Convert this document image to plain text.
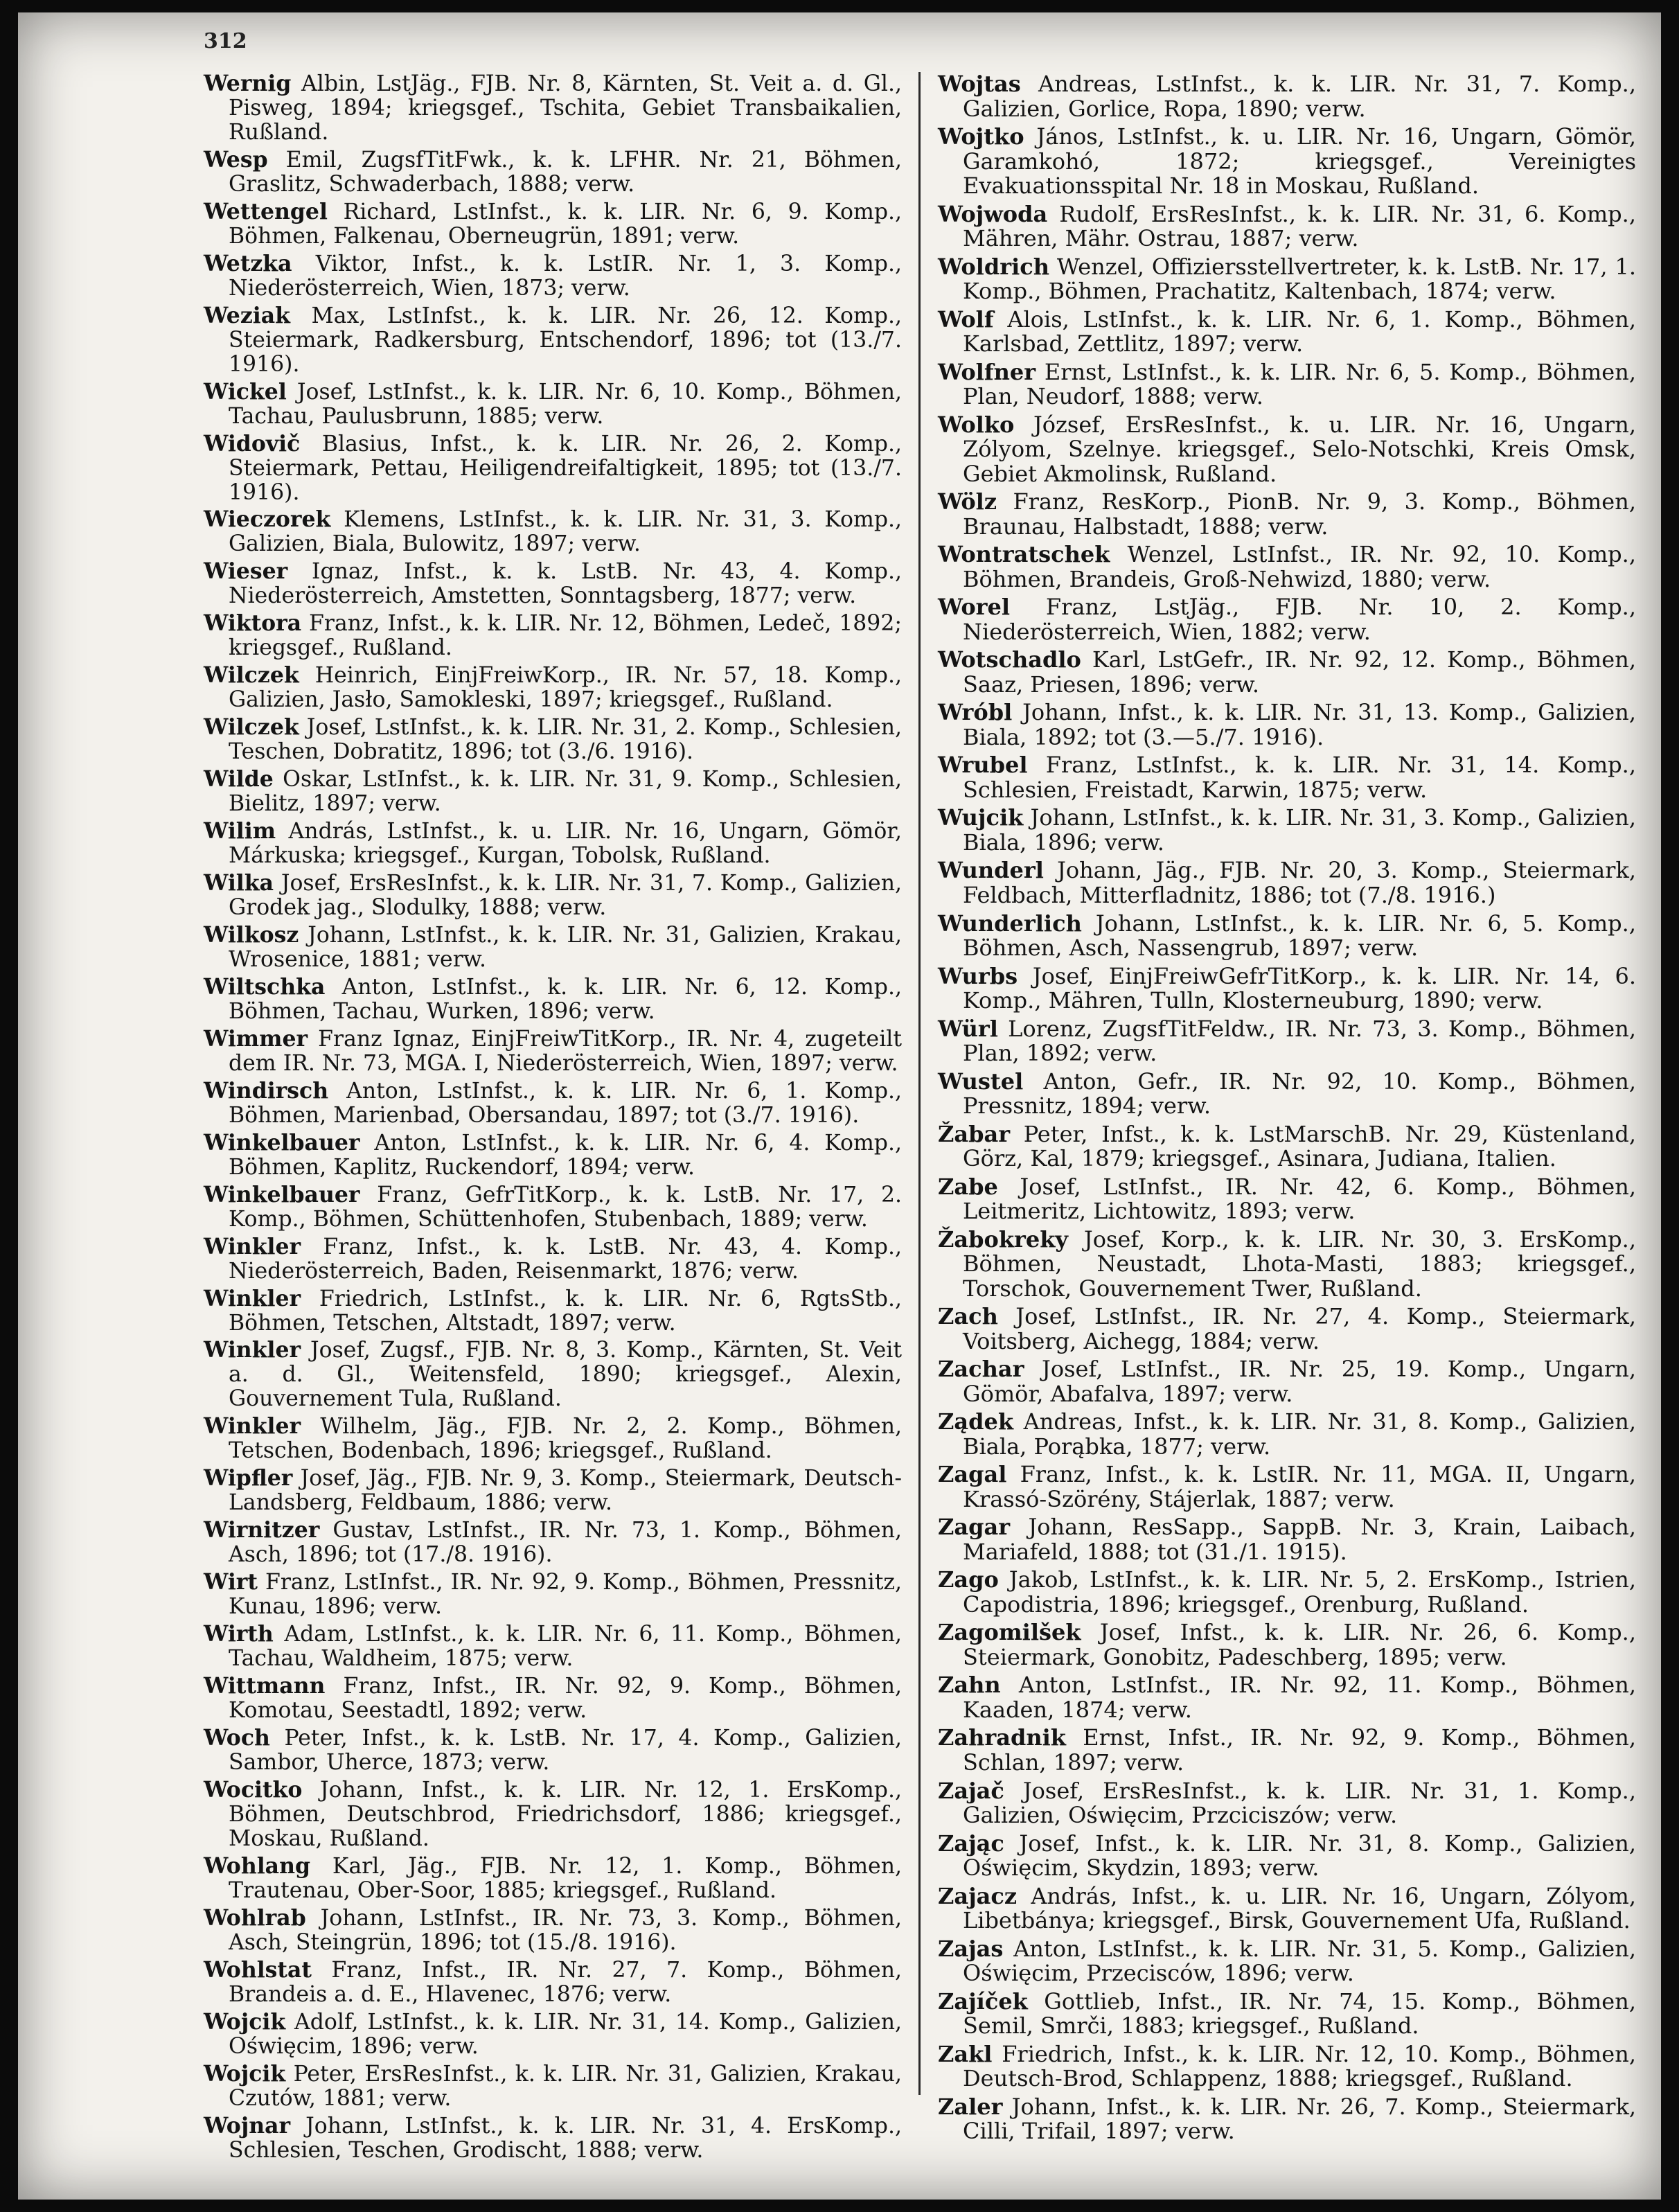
312

Wernig Albin, LstJäg., FJB. Nr. 8, Kärnten, St. Veit a. d. Gl., Pisweg, 1894; kriegsgef., Tschita, Gebiet Transbaikalien, Rußland.

Wesp Emil, ZugsfTitFwk., k. k. LFHR. Nr. 21, Böhmen, Graslitz, Schwaderbach, 1888; verw.

Wettengel Richard, LstInfst., k. k. LIR. Nr. 6, 9. Komp., Böhmen, Falkenau, Oberneugrün, 1891; verw.

Wetzka Viktor, Infst., k. k. LstIR. Nr. 1, 3. Komp., Niederösterreich, Wien, 1873; verw.

Weziak Max, LstInfst., k. k. LIR. Nr. 26, 12. Komp., Steiermark, Radkersburg, Entschendorf, 1896; tot (13./7. 1916).

Wickel Josef, LstInfst., k. k. LIR. Nr. 6, 10. Komp., Böhmen, Tachau, Paulusbrunn, 1885; verw.

Widovič Blasius, Infst., k. k. LIR. Nr. 26, 2. Komp., Steiermark, Pettau, Heiligendreifaltigkeit, 1895; tot (13./7. 1916).

Wieczorek Klemens, LstInfst., k. k. LIR. Nr. 31, 3. Komp., Galizien, Biala, Bulowitz, 1897; verw.

Wieser Ignaz, Infst., k. k. LstB. Nr. 43, 4. Komp., Niederösterreich, Amstetten, Sonntagsberg, 1877; verw.

Wiktora Franz, Infst., k. k. LIR. Nr. 12, Böhmen, Ledeč, 1892; kriegsgef., Rußland.

Wilczek Heinrich, EinjFreiwKorp., IR. Nr. 57, 18. Komp., Galizien, Jasło, Samokleski, 1897; kriegsgef., Rußland.

Wilczek Josef, LstInfst., k. k. LIR. Nr. 31, 2. Komp., Schlesien, Teschen, Dobratitz, 1896; tot (3./6. 1916).

Wilde Oskar, LstInfst., k. k. LIR. Nr. 31, 9. Komp., Schlesien, Bielitz, 1897; verw.

Wilim András, LstInfst., k. u. LIR. Nr. 16, Ungarn, Gömör, Márkuska; kriegsgef., Kurgan, Tobolsk, Rußland.

Wilka Josef, ErsResInfst., k. k. LIR. Nr. 31, 7. Komp., Galizien, Grodek jag., Slodulky, 1888; verw.

Wilkosz Johann, LstInfst., k. k. LIR. Nr. 31, Galizien, Krakau, Wrosenice, 1881; verw.

Wiltschka Anton, LstInfst., k. k. LIR. Nr. 6, 12. Komp., Böhmen, Tachau, Wurken, 1896; verw.

Wimmer Franz Ignaz, EinjFreiwTitKorp., IR. Nr. 4, zugeteilt dem IR. Nr. 73, MGA. I, Niederösterreich, Wien, 1897; verw.

Windirsch Anton, LstInfst., k. k. LIR. Nr. 6, 1. Komp., Böhmen, Marienbad, Obersandau, 1897; tot (3./7. 1916).

Winkelbauer Anton, LstInfst., k. k. LIR. Nr. 6, 4. Komp., Böhmen, Kaplitz, Ruckendorf, 1894; verw.

Winkelbauer Franz, GefrTitKorp., k. k. LstB. Nr. 17, 2. Komp., Böhmen, Schüttenhofen, Stubenbach, 1889; verw.

Winkler Franz, Infst., k. k. LstB. Nr. 43, 4. Komp., Niederösterreich, Baden, Reisenmarkt, 1876; verw.

Winkler Friedrich, LstInfst., k. k. LIR. Nr. 6, RgtsStb., Böhmen, Tetschen, Altstadt, 1897; verw.

Winkler Josef, Zugsf., FJB. Nr. 8, 3. Komp., Kärnten, St. Veit a. d. Gl., Weitensfeld, 1890; kriegsgef., Alexin, Gouvernement Tula, Rußland.

Winkler Wilhelm, Jäg., FJB. Nr. 2, 2. Komp., Böhmen, Tetschen, Bodenbach, 1896; kriegsgef., Rußland.

Wipfler Josef, Jäg., FJB. Nr. 9, 3. Komp., Steiermark, Deutsch-Landsberg, Feldbaum, 1886; verw.

Wirnitzer Gustav, LstInfst., IR. Nr. 73, 1. Komp., Böhmen, Asch, 1896; tot (17./8. 1916).

Wirt Franz, LstInfst., IR. Nr. 92, 9. Komp., Böhmen, Pressnitz, Kunau, 1896; verw.

Wirth Adam, LstInfst., k. k. LIR. Nr. 6, 11. Komp., Böhmen, Tachau, Waldheim, 1875; verw.

Wittmann Franz, Infst., IR. Nr. 92, 9. Komp., Böhmen, Komotau, Seestadtl, 1892; verw.

Woch Peter, Infst., k. k. LstB. Nr. 17, 4. Komp., Galizien, Sambor, Uherce, 1873; verw.

Wocitko Johann, Infst., k. k. LIR. Nr. 12, 1. ErsKomp., Böhmen, Deutschbrod, Friedrichsdorf, 1886; kriegsgef., Moskau, Rußland.

Wohlang Karl, Jäg., FJB. Nr. 12, 1. Komp., Böhmen, Trautenau, Ober-Soor, 1885; kriegsgef., Rußland.

Wohlrab Johann, LstInfst., IR. Nr. 73, 3. Komp., Böhmen, Asch, Steingrün, 1896; tot (15./8. 1916).

Wohlstat Franz, Infst., IR. Nr. 27, 7. Komp., Böhmen, Brandeis a. d. E., Hlavenec, 1876; verw.

Wojcik Adolf, LstInfst., k. k. LIR. Nr. 31, 14. Komp., Galizien, Oświęcim, 1896; verw.

Wojcik Peter, ErsResInfst., k. k. LIR. Nr. 31, Galizien, Krakau, Czutów, 1881; verw.

Wojnar Johann, LstInfst., k. k. LIR. Nr. 31, 4. ErsKomp., Schlesien, Teschen, Grodischt, 1888; verw.

Wojtas Andreas, LstInfst., k. k. LIR. Nr. 31, 7. Komp., Galizien, Gorlice, Ropa, 1890; verw.

Wojtko János, LstInfst., k. u. LIR. Nr. 16, Ungarn, Gömör, Garamkohó, 1872; kriegsgef., Vereinigtes Evakuationsspital Nr. 18 in Moskau, Rußland.

Wojwoda Rudolf, ErsResInfst., k. k. LIR. Nr. 31, 6. Komp., Mähren, Mähr. Ostrau, 1887; verw.

Woldrich Wenzel, Offiziersstellvertreter, k. k. LstB. Nr. 17, 1. Komp., Böhmen, Prachatitz, Kaltenbach, 1874; verw.

Wolf Alois, LstInfst., k. k. LIR. Nr. 6, 1. Komp., Böhmen, Karlsbad, Zettlitz, 1897; verw.

Wolfner Ernst, LstInfst., k. k. LIR. Nr. 6, 5. Komp., Böhmen, Plan, Neudorf, 1888; verw.

Wolko József, ErsResInfst., k. u. LIR. Nr. 16, Ungarn, Zólyom, Szelnye. kriegsgef., Selo-Notschki, Kreis Omsk, Gebiet Akmolinsk, Rußland.

Wölz Franz, ResKorp., PionB. Nr. 9, 3. Komp., Böhmen, Braunau, Halbstadt, 1888; verw.

Wontratschek Wenzel, LstInfst., IR. Nr. 92, 10. Komp., Böhmen, Brandeis, Groß-Nehwizd, 1880; verw.

Worel Franz, LstJäg., FJB. Nr. 10, 2. Komp., Niederösterreich, Wien, 1882; verw.

Wotschadlo Karl, LstGefr., IR. Nr. 92, 12. Komp., Böhmen, Saaz, Priesen, 1896; verw.

Wróbl Johann, Infst., k. k. LIR. Nr. 31, 13. Komp., Galizien, Biala, 1892; tot (3.—5./7. 1916).

Wrubel Franz, LstInfst., k. k. LIR. Nr. 31, 14. Komp., Schlesien, Freistadt, Karwin, 1875; verw.

Wujcik Johann, LstInfst., k. k. LIR. Nr. 31, 3. Komp., Galizien, Biala, 1896; verw.

Wunderl Johann, Jäg., FJB. Nr. 20, 3. Komp., Steiermark, Feldbach, Mitterfladnitz, 1886; tot (7./8. 1916.)

Wunderlich Johann, LstInfst., k. k. LIR. Nr. 6, 5. Komp., Böhmen, Asch, Nassengrub, 1897; verw.

Wurbs Josef, EinjFreiwGefrTitKorp., k. k. LIR. Nr. 14, 6. Komp., Mähren, Tulln, Klosterneuburg, 1890; verw.

Würl Lorenz, ZugsfTitFeldw., IR. Nr. 73, 3. Komp., Böhmen, Plan, 1892; verw.

Wustel Anton, Gefr., IR. Nr. 92, 10. Komp., Böhmen, Pressnitz, 1894; verw.

Žabar Peter, Infst., k. k. LstMarschB. Nr. 29, Küstenland, Görz, Kal, 1879; kriegsgef., Asinara, Judiana, Italien.

Zabe Josef, LstInfst., IR. Nr. 42, 6. Komp., Böhmen, Leitmeritz, Lichtowitz, 1893; verw.

Žabokreky Josef, Korp., k. k. LIR. Nr. 30, 3. ErsKomp., Böhmen, Neustadt, Lhota-Masti, 1883; kriegsgef., Torschok, Gouvernement Twer, Rußland.

Zach Josef, LstInfst., IR. Nr. 27, 4. Komp., Steiermark, Voitsberg, Aichegg, 1884; verw.

Zachar Josef, LstInfst., IR. Nr. 25, 19. Komp., Ungarn, Gömör, Abafalva, 1897; verw.

Ządek Andreas, Infst., k. k. LIR. Nr. 31, 8. Komp., Galizien, Biala, Porąbka, 1877; verw.

Zagal Franz, Infst., k. k. LstIR. Nr. 11, MGA. II, Ungarn, Krassó-Szörény, Stájerlak, 1887; verw.

Zagar Johann, ResSapp., SappB. Nr. 3, Krain, Laibach, Mariafeld, 1888; tot (31./1. 1915).

Zago Jakob, LstInfst., k. k. LIR. Nr. 5, 2. ErsKomp., Istrien, Capodistria, 1896; kriegsgef., Orenburg, Rußland.

Zagomilšek Josef, Infst., k. k. LIR. Nr. 26, 6. Komp., Steiermark, Gonobitz, Padeschberg, 1895; verw.

Zahn Anton, LstInfst., IR. Nr. 92, 11. Komp., Böhmen, Kaaden, 1874; verw.

Zahradnik Ernst, Infst., IR. Nr. 92, 9. Komp., Böhmen, Schlan, 1897; verw.

Zajač Josef, ErsResInfst., k. k. LIR. Nr. 31, 1. Komp., Galizien, Oświęcim, Przciciszów; verw.

Zając Josef, Infst., k. k. LIR. Nr. 31, 8. Komp., Galizien, Oświęcim, Skydzin, 1893; verw.

Zajacz András, Infst., k. u. LIR. Nr. 16, Ungarn, Zólyom, Libetbánya; kriegsgef., Birsk, Gouvernement Ufa, Rußland.

Zajas Anton, LstInfst., k. k. LIR. Nr. 31, 5. Komp., Galizien, Oświęcim, Przecisców, 1896; verw.

Zajíček Gottlieb, Infst., IR. Nr. 74, 15. Komp., Böhmen, Semil, Smrči, 1883; kriegsgef., Rußland.

Zakl Friedrich, Infst., k. k. LIR. Nr. 12, 10. Komp., Böhmen, Deutsch-Brod, Schlappenz, 1888; kriegsgef., Rußland.

Zaler Johann, Infst., k. k. LIR. Nr. 26, 7. Komp., Steiermark, Cilli, Trifail, 1897; verw.
